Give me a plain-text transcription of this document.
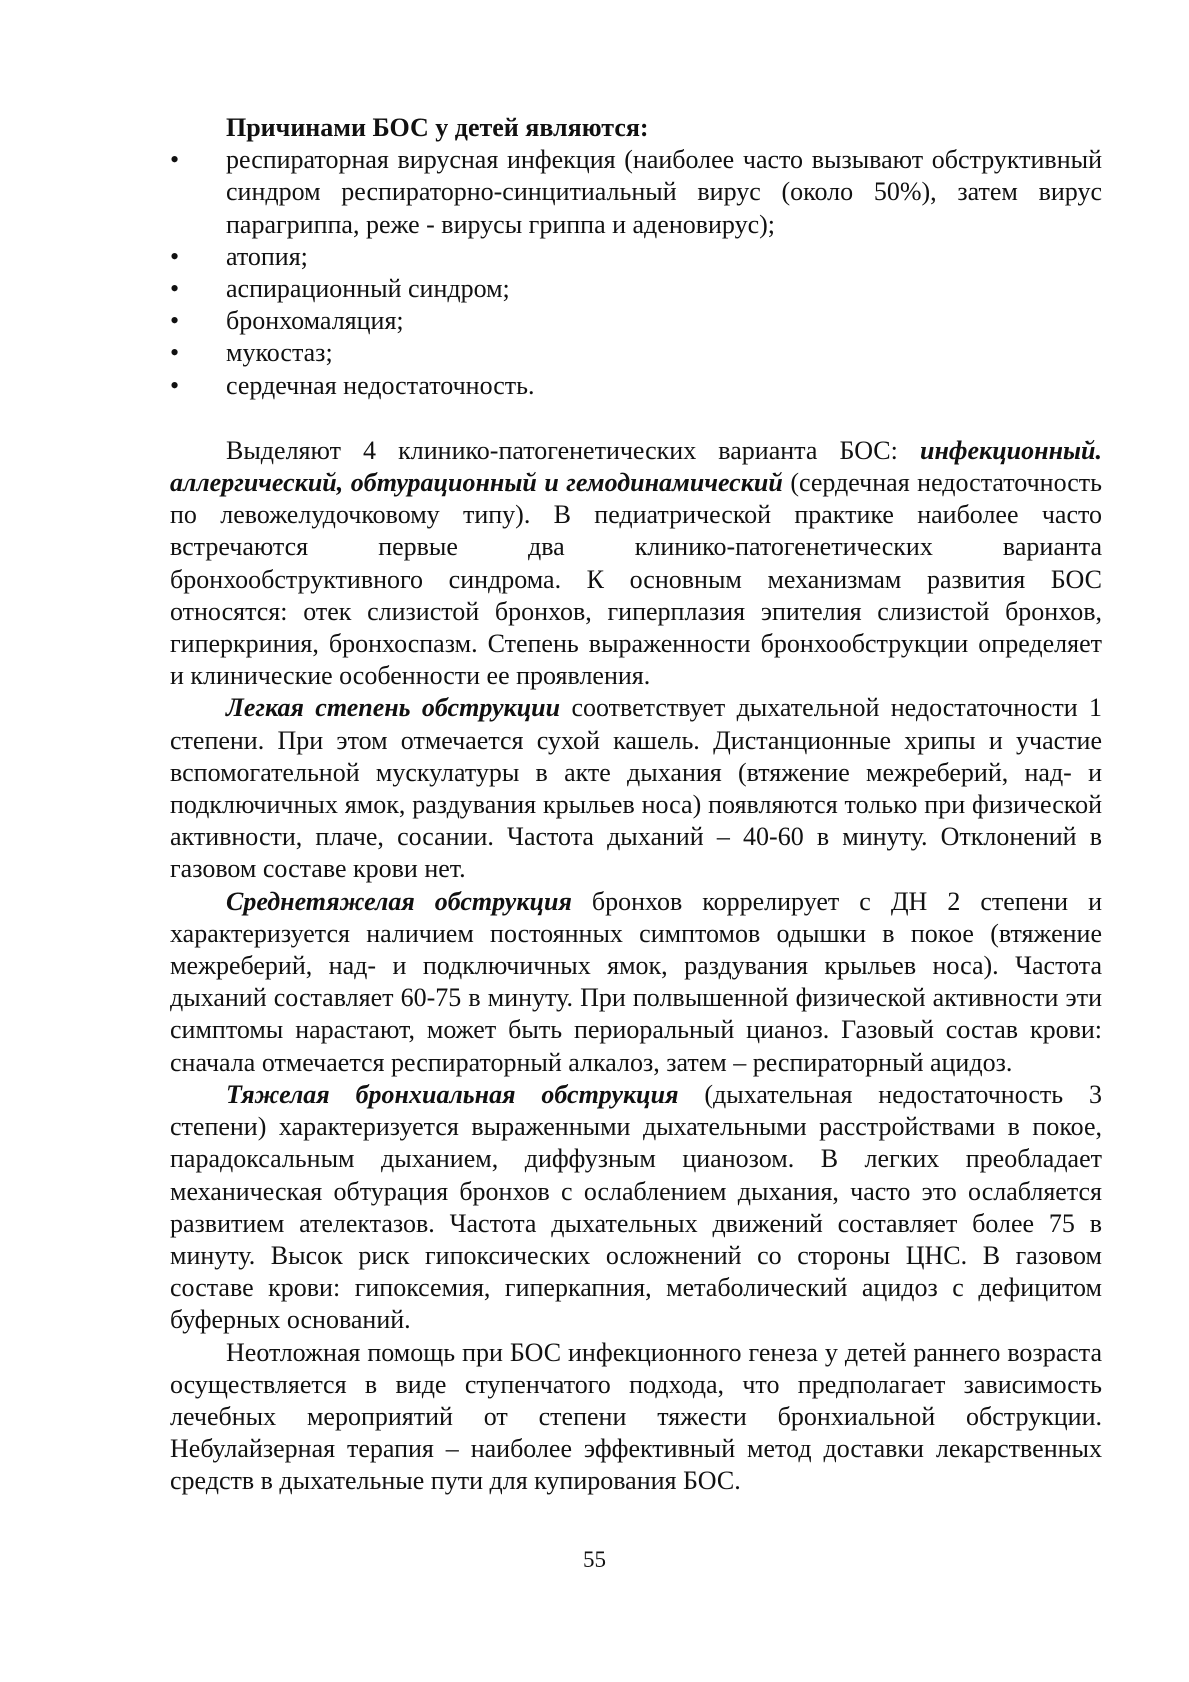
Причинами БОС у детей являются:
•	респираторная вирусная инфекция (наиболее часто вызывают обструктивный синдром респираторно-синцитиальный вирус (около 50%), затем вирус парагриппа, реже - вирусы гриппа и аденовирус);
•	атопия;
•	аспирационный синдром;
•	бронхомаляция;
•	мукостаз;
•	сердечная недостаточность.

Выделяют 4 клинико-патогенетических варианта БОС: инфекционный. аллергический, обтурационный и гемодинамический (сердечная недостаточность по левожелудочковому типу). В педиатрической практике наиболее часто встречаются первые два клинико-патогенетических варианта бронхообструктивного синдрома. К основным механизмам развития БОС относятся: отек слизистой бронхов, гиперплазия эпителия слизистой бронхов, гиперкриния, бронхоспазм. Степень выраженности бронхообструкции определяет и клинические особенности ее проявления.

Легкая степень обструкции соответствует дыхательной недостаточности 1 степени. При этом отмечается сухой кашель. Дистанционные хрипы и участие вспомогательной мускулатуры в акте дыхания (втяжение межреберий, над- и подключичных ямок, раздувания крыльев носа) появляются только при физической активности, плаче, сосании. Частота дыханий – 40-60 в минуту. Отклонений в газовом составе крови нет.

Среднетяжелая обструкция бронхов коррелирует с ДН 2 степени и характеризуется наличием постоянных симптомов одышки в покое (втяжение межреберий, над- и подключичных ямок, раздувания крыльев носа). Частота дыханий составляет 60-75 в минуту. При полвышенной физической активности эти симптомы нарастают, может быть периоральный цианоз. Газовый состав крови: сначала отмечается респираторный алкалоз, затем – респираторный ацидоз.

Тяжелая бронхиальная обструкция (дыхательная недостаточность 3 степени) характеризуется выраженными дыхательными расстройствами в покое, парадоксальным дыханием, диффузным цианозом. В легких преобладает механическая обтурация бронхов с ослаблением дыхания, часто это ослабляется развитием ателектазов. Частота дыхательных движений составляет более 75 в минуту. Высок риск гипоксических осложнений со стороны ЦНС. В газовом составе крови: гипоксемия, гиперкапния, метаболический ацидоз с дефицитом буферных оснований.

Неотложная помощь при БОС инфекционного генеза у детей раннего возраста осуществляется в виде ступенчатого подхода, что предполагает зависимость лечебных мероприятий от степени тяжести бронхиальной обструкции. Небулайзерная терапия – наиболее эффективный метод доставки лекарственных средств в дыхательные пути для купирования БОС.

55
